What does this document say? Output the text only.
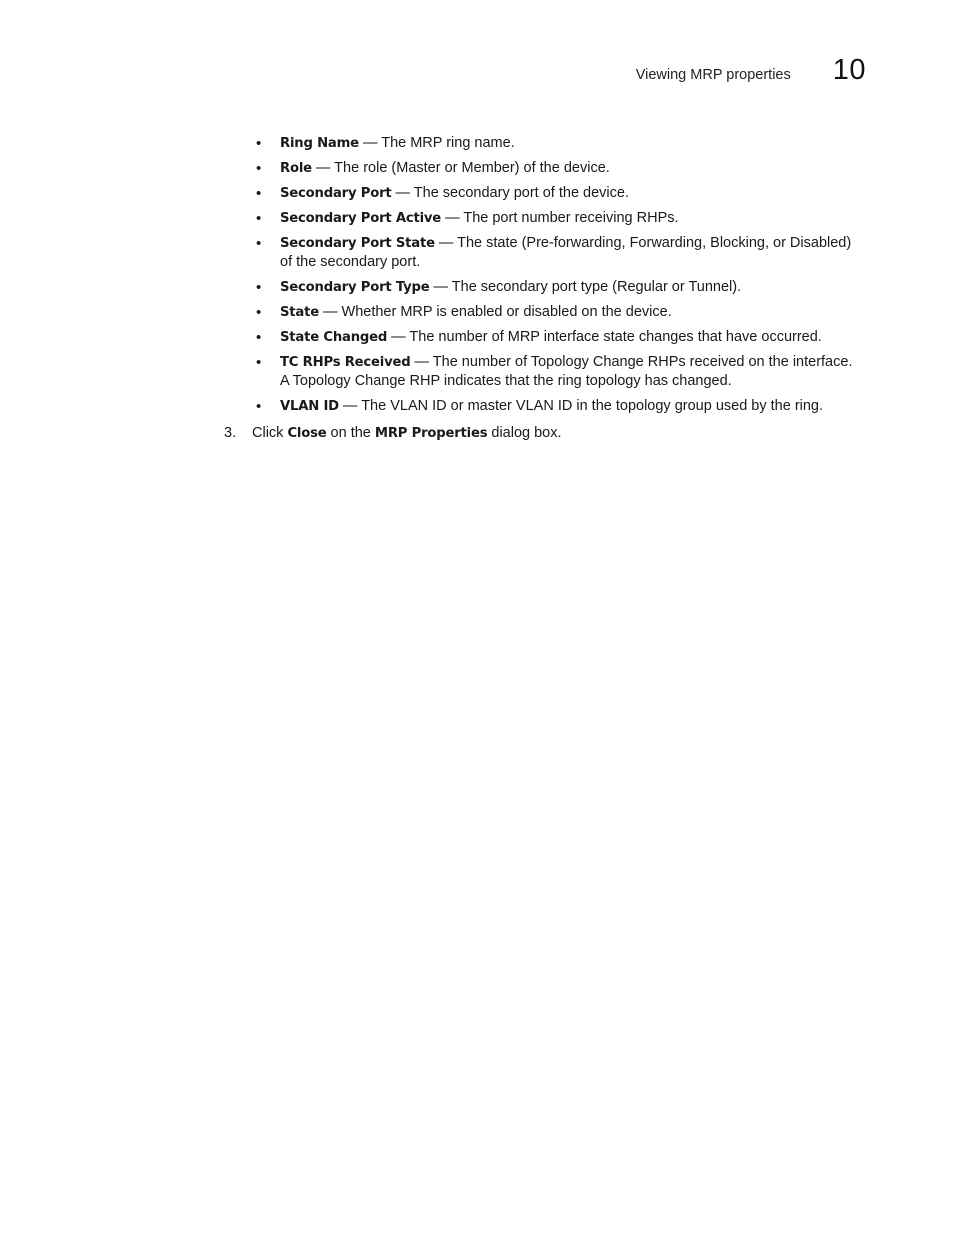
Viewing MRP properties 10
• Ring Name — The MRP ring name.
• Role — The role (Master or Member) of the device.
• Secondary Port — The secondary port of the device.
• Secondary Port Active — The port number receiving RHPs.
• Secondary Port State — The state (Pre-forwarding, Forwarding, Blocking, or Disabled) of the secondary port.
• Secondary Port Type — The secondary port type (Regular or Tunnel).
• State — Whether MRP is enabled or disabled on the device.
• State Changed — The number of MRP interface state changes that have occurred.
• TC RHPs Received — The number of Topology Change RHPs received on the interface. A Topology Change RHP indicates that the ring topology has changed.
• VLAN ID — The VLAN ID or master VLAN ID in the topology group used by the ring.
3.	Click Close on the MRP Properties dialog box.
